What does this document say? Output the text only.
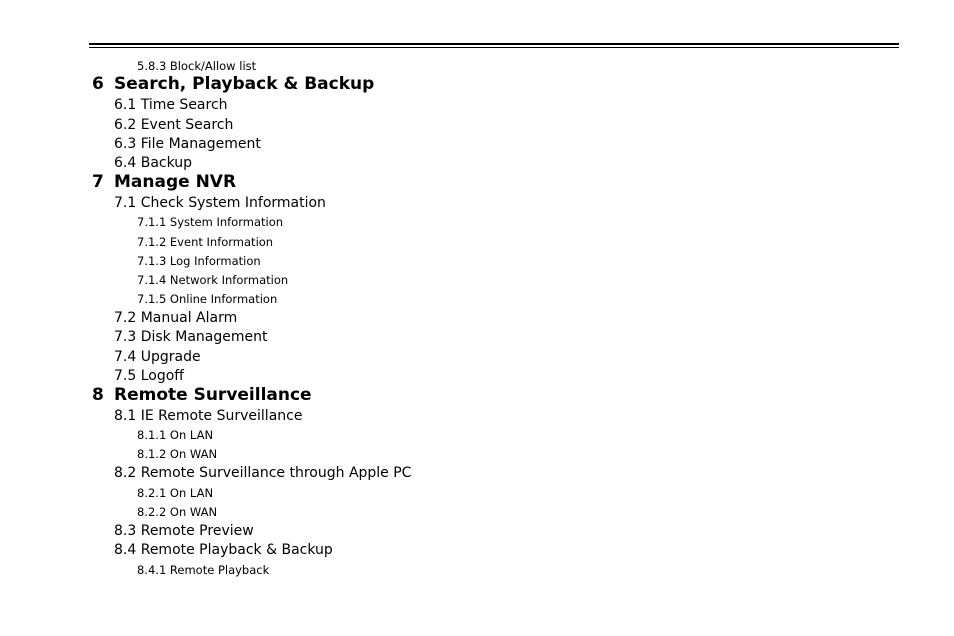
5.8.3 Block/Allow list
6 Search, Playback & Backup
6.1 Time Search
6.2 Event Search
6.3 File Management
6.4 Backup
7 Manage NVR
7.1 Check System Information
7.1.1 System Information
7.1.2 Event Information
7.1.3 Log Information
7.1.4 Network Information
7.1.5 Online Information
7.2 Manual Alarm
7.3 Disk Management
7.4 Upgrade
7.5 Logoff
8 Remote Surveillance
8.1 IE Remote Surveillance
8.1.1 On LAN
8.1.2 On WAN
8.2 Remote Surveillance through Apple PC
8.2.1 On LAN
8.2.2 On WAN
8.3 Remote Preview
8.4 Remote Playback & Backup
8.4.1 Remote Playback
